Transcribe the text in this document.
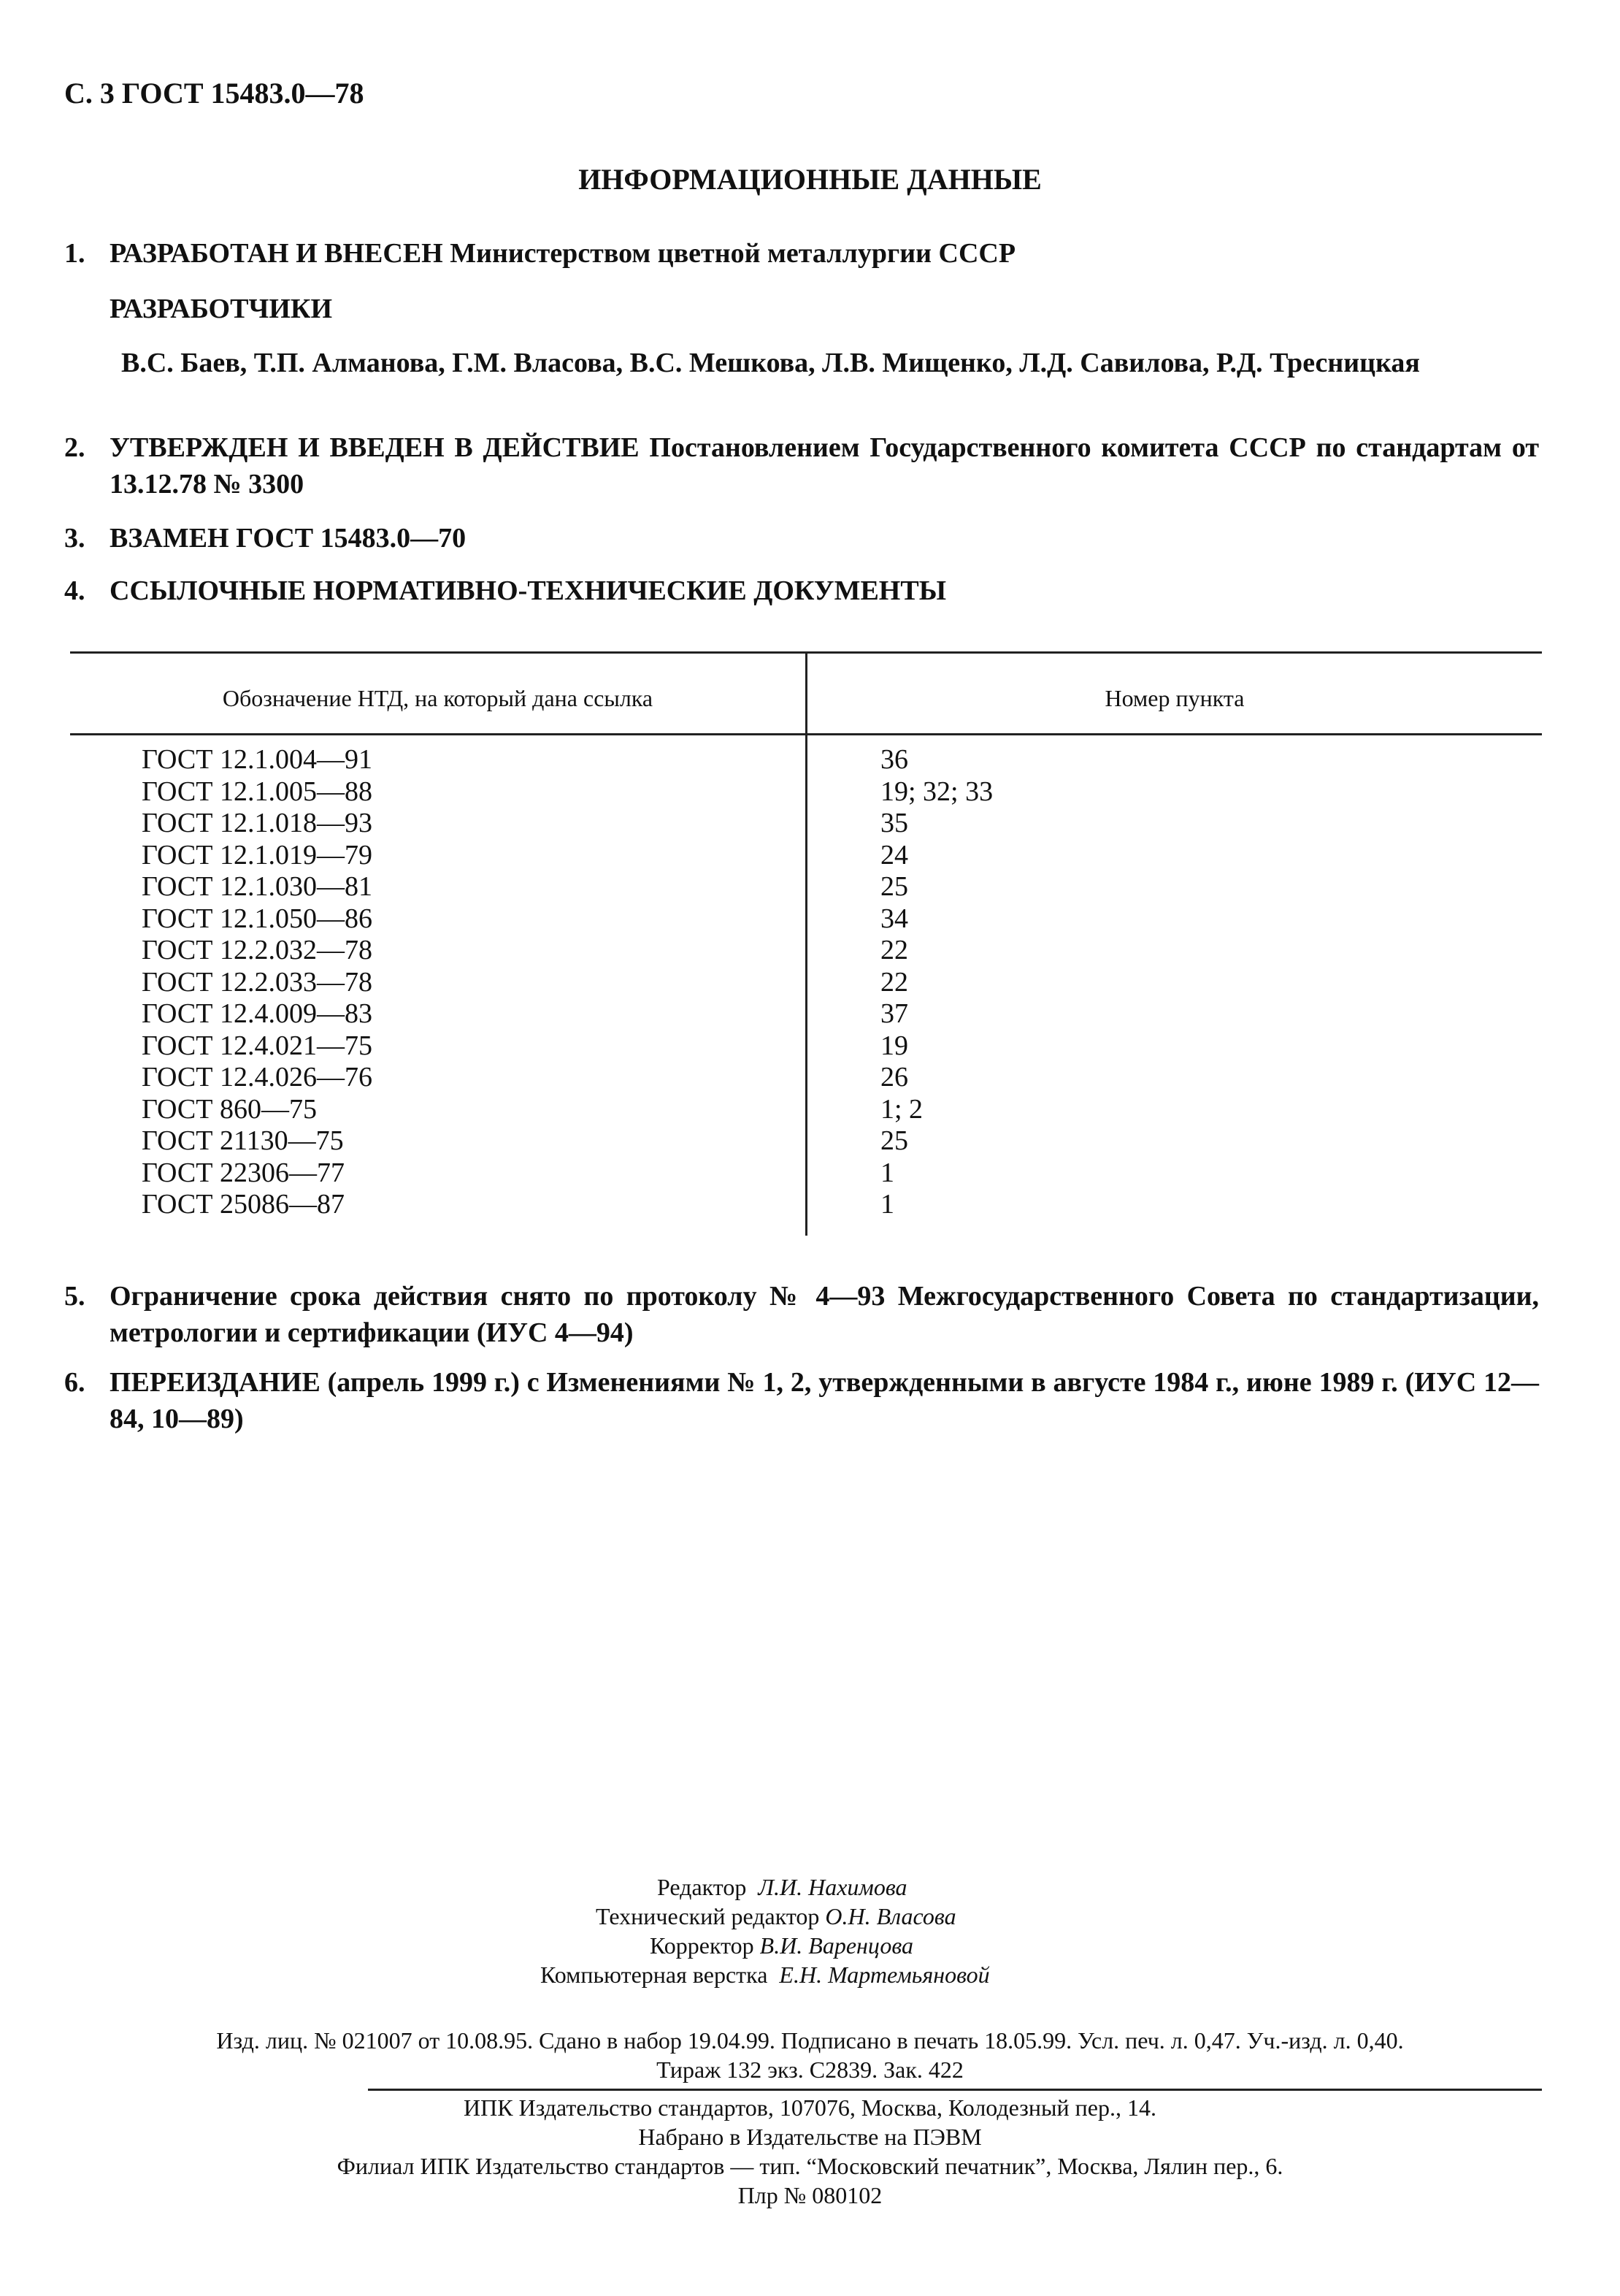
С. 3 ГОСТ 15483.0—78
ИНФОРМАЦИОННЫЕ ДАННЫЕ
1. РАЗРАБОТАН И ВНЕСЕН Министерством цветной металлургии СССР
РАЗРАБОТЧИКИ
В.С. Баев, Т.П. Алманова, Г.М. Власова, В.С. Мешкова, Л.В. Мищенко, Л.Д. Савилова, Р.Д. Тресницкая
2. УТВЕРЖДЕН И ВВЕДЕН В ДЕЙСТВИЕ Постановлением Государственного комитета СССР по стандартам от 13.12.78 № 3300
3. ВЗАМЕН ГОСТ 15483.0—70
4. ССЫЛОЧНЫЕ НОРМАТИВНО-ТЕХНИЧЕСКИЕ ДОКУМЕНТЫ
Обозначение НТД, на который дана ссылка	Номер пункта
ГОСТ 12.1.004—91	36
ГОСТ 12.1.005—88	19; 32; 33
ГОСТ 12.1.018—93	35
ГОСТ 12.1.019—79	24
ГОСТ 12.1.030—81	25
ГОСТ 12.1.050—86	34
ГОСТ 12.2.032—78	22
ГОСТ 12.2.033—78	22
ГОСТ 12.4.009—83	37
ГОСТ 12.4.021—75	19
ГОСТ 12.4.026—76	26
ГОСТ 860—75	1; 2
ГОСТ 21130—75	25
ГОСТ 22306—77	1
ГОСТ 25086—87	1
5. Ограничение срока действия снято по протоколу № 4—93 Межгосударственного Совета по стандартизации, метрологии и сертификации (ИУС 4—94)
6. ПЕРЕИЗДАНИЕ (апрель 1999 г.) с Изменениями № 1, 2, утвержденными в августе 1984 г., июне 1989 г. (ИУС 12—84, 10—89)
Редактор Л.И. Нахимова
Технический редактор О.Н. Власова
Корректор В.И. Варенцова
Компьютерная верстка Е.Н. Мартемьяновой
Изд. лиц. № 021007 от 10.08.95. Сдано в набор 19.04.99. Подписано в печать 18.05.99. Усл. печ. л. 0,47. Уч.-изд. л. 0,40.
Тираж 132 экз. С2839. Зак. 422
ИПК Издательство стандартов, 107076, Москва, Колодезный пер., 14.
Набрано в Издательстве на ПЭВМ
Филиал ИПК Издательство стандартов — тип. “Московский печатник”, Москва, Лялин пер., 6.
Плр № 080102
